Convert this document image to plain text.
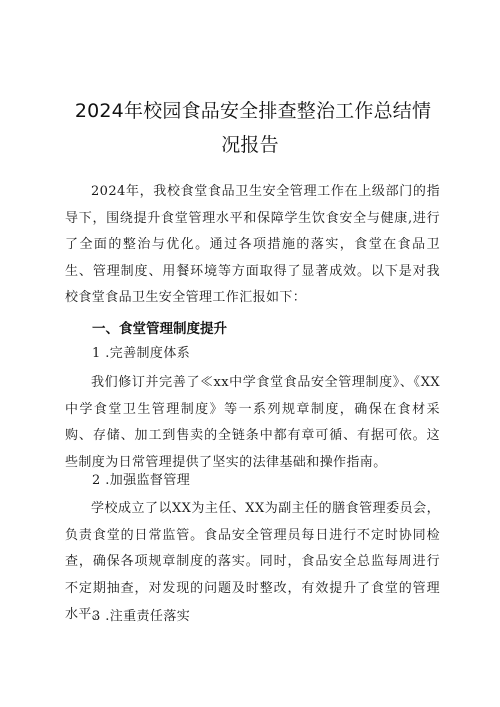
2024年校园食品安全排查整治工作总结情
况报告

2024年，我校食堂食品卫生安全管理工作在上级部门的指导下，围绕提升食堂管理水平和保障学生饮食安全与健康,进行了全面的整治与优化。通过各项措施的落实，食堂在食品卫生、管理制度、用餐环境等方面取得了显著成效。以下是对我校食堂食品卫生安全管理工作汇报如下：

一、食堂管理制度提升

1 .完善制度体系

我们修订并完善了≪xx中学食堂食品安全管理制度》、《XX中学食堂卫生管理制度》等一系列规章制度，确保在食材采购、存储、加工到售卖的全链条中都有章可循、有据可依。这些制度为日常管理提供了坚实的法律基础和操作指南。

2 .加强监督管理

学校成立了以XX为主任、XX为副主任的膳食管理委员会，负责食堂的日常监管。食品安全管理员每日进行不定时协同检查，确保各项规章制度的落实。同时，食品安全总监每周进行不定期抽查，对发现的问题及时整改，有效提升了食堂的管理水平。

3 .注重责任落实
